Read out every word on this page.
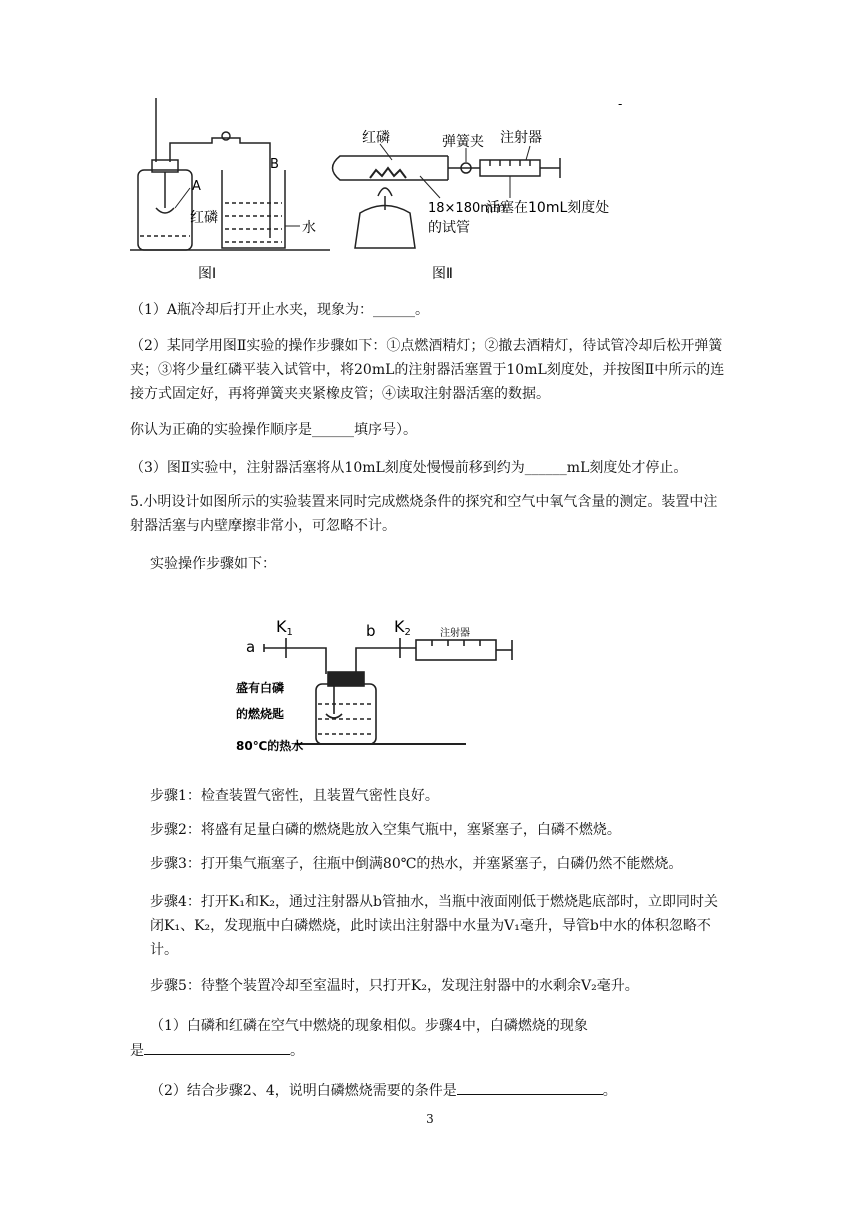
A
B
红磷
水
图Ⅰ
红磷	弹簧夹 注射器
18×180mm
的试管
活塞在10mL刻度处
图Ⅱ
-
（1）A瓶冷却后打开止水夹，现象为：______。
（2）某同学用图Ⅱ实验的操作步骤如下：①点燃酒精灯；②撤去酒精灯，待试管冷却后松开弹簧夹；③将少量红磷平装入试管中，将20mL的注射器活塞置于10mL刻度处，并按图Ⅱ中所示的连接方式固定好，再将弹簧夹夹紧橡皮管；④读取注射器活塞的数据。
你认为正确的实验操作顺序是______填序号）。
（3）图Ⅱ实验中，注射器活塞将从10mL刻度处慢慢前移到约为______mL刻度处才停止。
5.小明设计如图所示的实验装置来同时完成燃烧条件的探究和空气中氧气含量的测定。装置中注射器活塞与内壁摩擦非常小，可忽略不计。
实验操作步骤如下：
K1	K2
a
b	注射器
盛有白磷
的燃烧匙
80℃的热水
步骤1：检查装置气密性，且装置气密性良好。
步骤2：将盛有足量白磷的燃烧匙放入空集气瓶中，塞紧塞子，白磷不燃烧。
步骤3：打开集气瓶塞子，往瓶中倒满80℃的热水，并塞紧塞子，白磷仍然不能燃烧。
步骤4：打开K₁和K₂，通过注射器从b管抽水，当瓶中液面刚低于燃烧匙底部时，立即同时关闭K₁、K₂，发现瓶中白磷燃烧，此时读出注射器中水量为V₁毫升，导管b中水的体积忽略不计。
步骤5：待整个装置冷却至室温时，只打开K₂，发现注射器中的水剩余V₂毫升。
（1）白磷和红磷在空气中燃烧的现象相似。步骤4中，白磷燃烧的现象
是	。
（2）结合步骤2、4，说明白磷燃烧需要的条件是	。
3
